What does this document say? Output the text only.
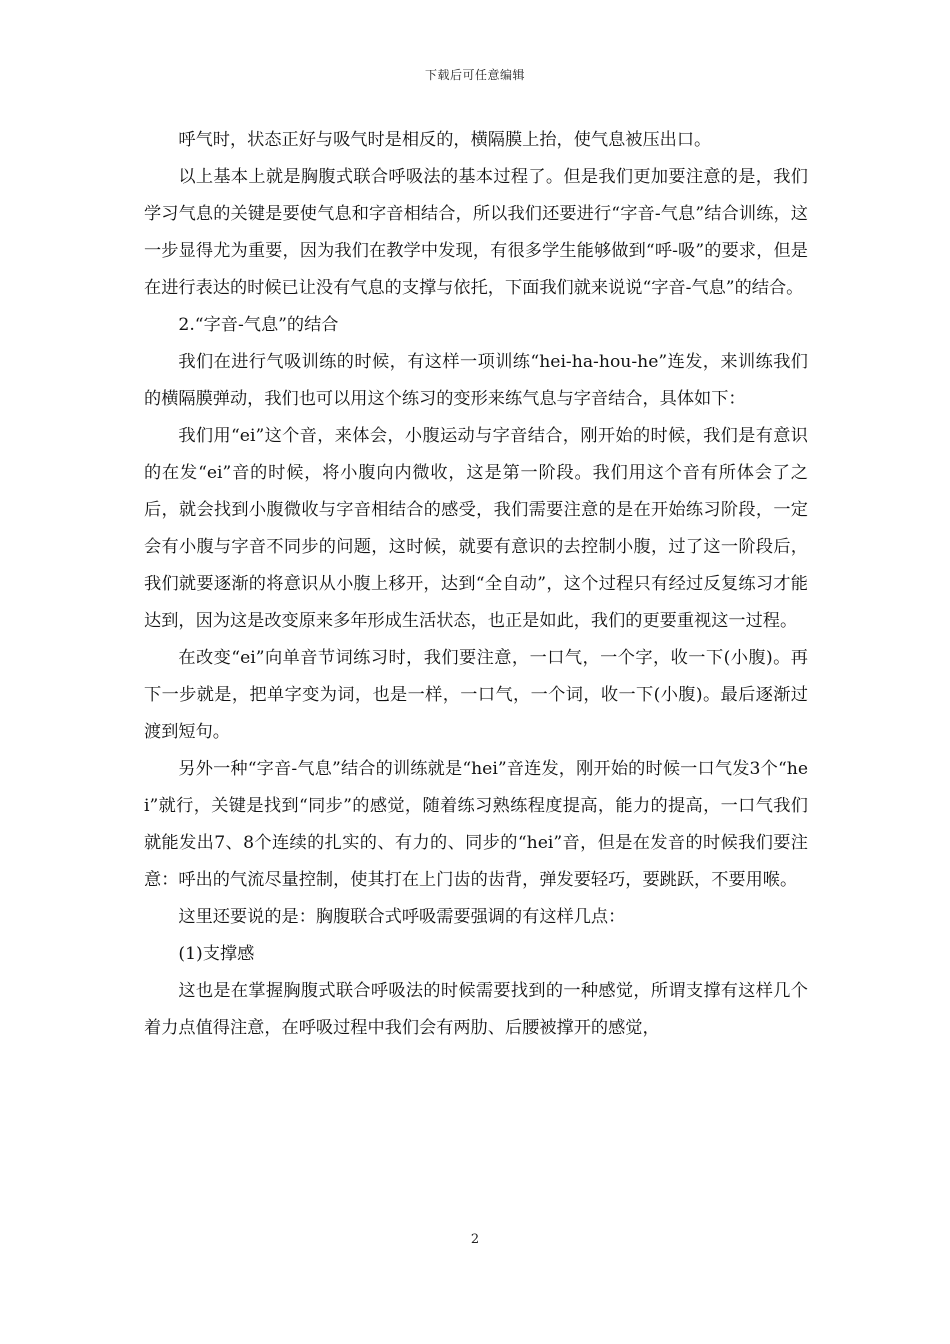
下载后可任意编辑

呼气时，状态正好与吸气时是相反的，横隔膜上抬，使气息被压出口。

以上基本上就是胸腹式联合呼吸法的基本过程了。但是我们更加要注意的是，我们学习气息的关键是要使气息和字音相结合，所以我们还要进行“字音-气息”结合训练，这一步显得尤为重要，因为我们在教学中发现，有很多学生能够做到“呼-吸”的要求，但是在进行表达的时候已让没有气息的支撑与依托，下面我们就来说说“字音-气息”的结合。

2.“字音-气息”的结合

我们在进行气吸训练的时候，有这样一项训练“hei-ha-hou-he”连发，来训练我们的横隔膜弹动，我们也可以用这个练习的变形来练气息与字音结合，具体如下：

我们用“ei”这个音，来体会，小腹运动与字音结合，刚开始的时候，我们是有意识的在发“ei”音的时候，将小腹向内微收，这是第一阶段。我们用这个音有所体会了之后，就会找到小腹微收与字音相结合的感受，我们需要注意的是在开始练习阶段，一定会有小腹与字音不同步的问题，这时候，就要有意识的去控制小腹，过了这一阶段后，我们就要逐渐的将意识从小腹上移开，达到“全自动”，这个过程只有经过反复练习才能达到，因为这是改变原来多年形成生活状态，也正是如此，我们的更要重视这一过程。

在改变“ei”向单音节词练习时，我们要注意，一口气，一个字，收一下(小腹)。再下一步就是，把单字变为词，也是一样，一口气，一个词，收一下(小腹)。最后逐渐过渡到短句。

另外一种“字音-气息”结合的训练就是“hei”音连发，刚开始的时候一口气发3个“hei”就行，关键是找到“同步”的感觉，随着练习熟练程度提高，能力的提高，一口气我们就能发出7、8个连续的扎实的、有力的、同步的“hei”音，但是在发音的时候我们要注意：呼出的气流尽量控制，使其打在上门齿的齿背，弹发要轻巧，要跳跃，不要用喉。

这里还要说的是：胸腹联合式呼吸需要强调的有这样几点：

(1)支撑感

这也是在掌握胸腹式联合呼吸法的时候需要找到的一种感觉，所谓支撑有这样几个着力点值得注意，在呼吸过程中我们会有两肋、后腰被撑开的感觉，

2
